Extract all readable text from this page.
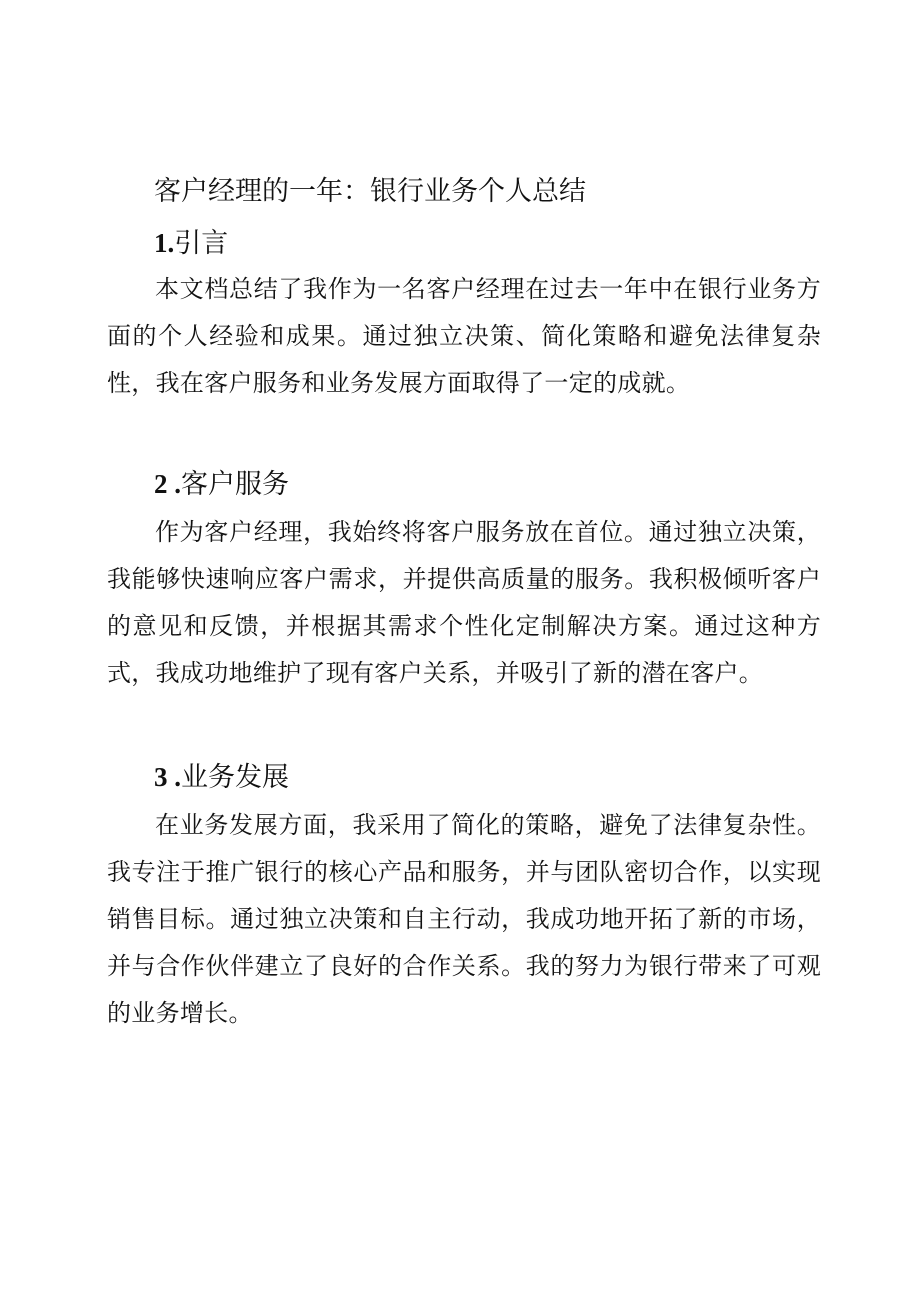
客户经理的一年：银行业务个人总结
1.引言

本文档总结了我作为一名客户经理在过去一年中在银行业务方面的个人经验和成果。通过独立决策、简化策略和避免法律复杂性，我在客户服务和业务发展方面取得了一定的成就。

2 .客户服务

作为客户经理，我始终将客户服务放在首位。通过独立决策，我能够快速响应客户需求，并提供高质量的服务。我积极倾听客户的意见和反馈，并根据其需求个性化定制解决方案。通过这种方式，我成功地维护了现有客户关系，并吸引了新的潜在客户。

3 .业务发展

在业务发展方面，我采用了简化的策略，避免了法律复杂性。我专注于推广银行的核心产品和服务，并与团队密切合作，以实现销售目标。通过独立决策和自主行动，我成功地开拓了新的市场，并与合作伙伴建立了良好的合作关系。我的努力为银行带来了可观的业务增长。
